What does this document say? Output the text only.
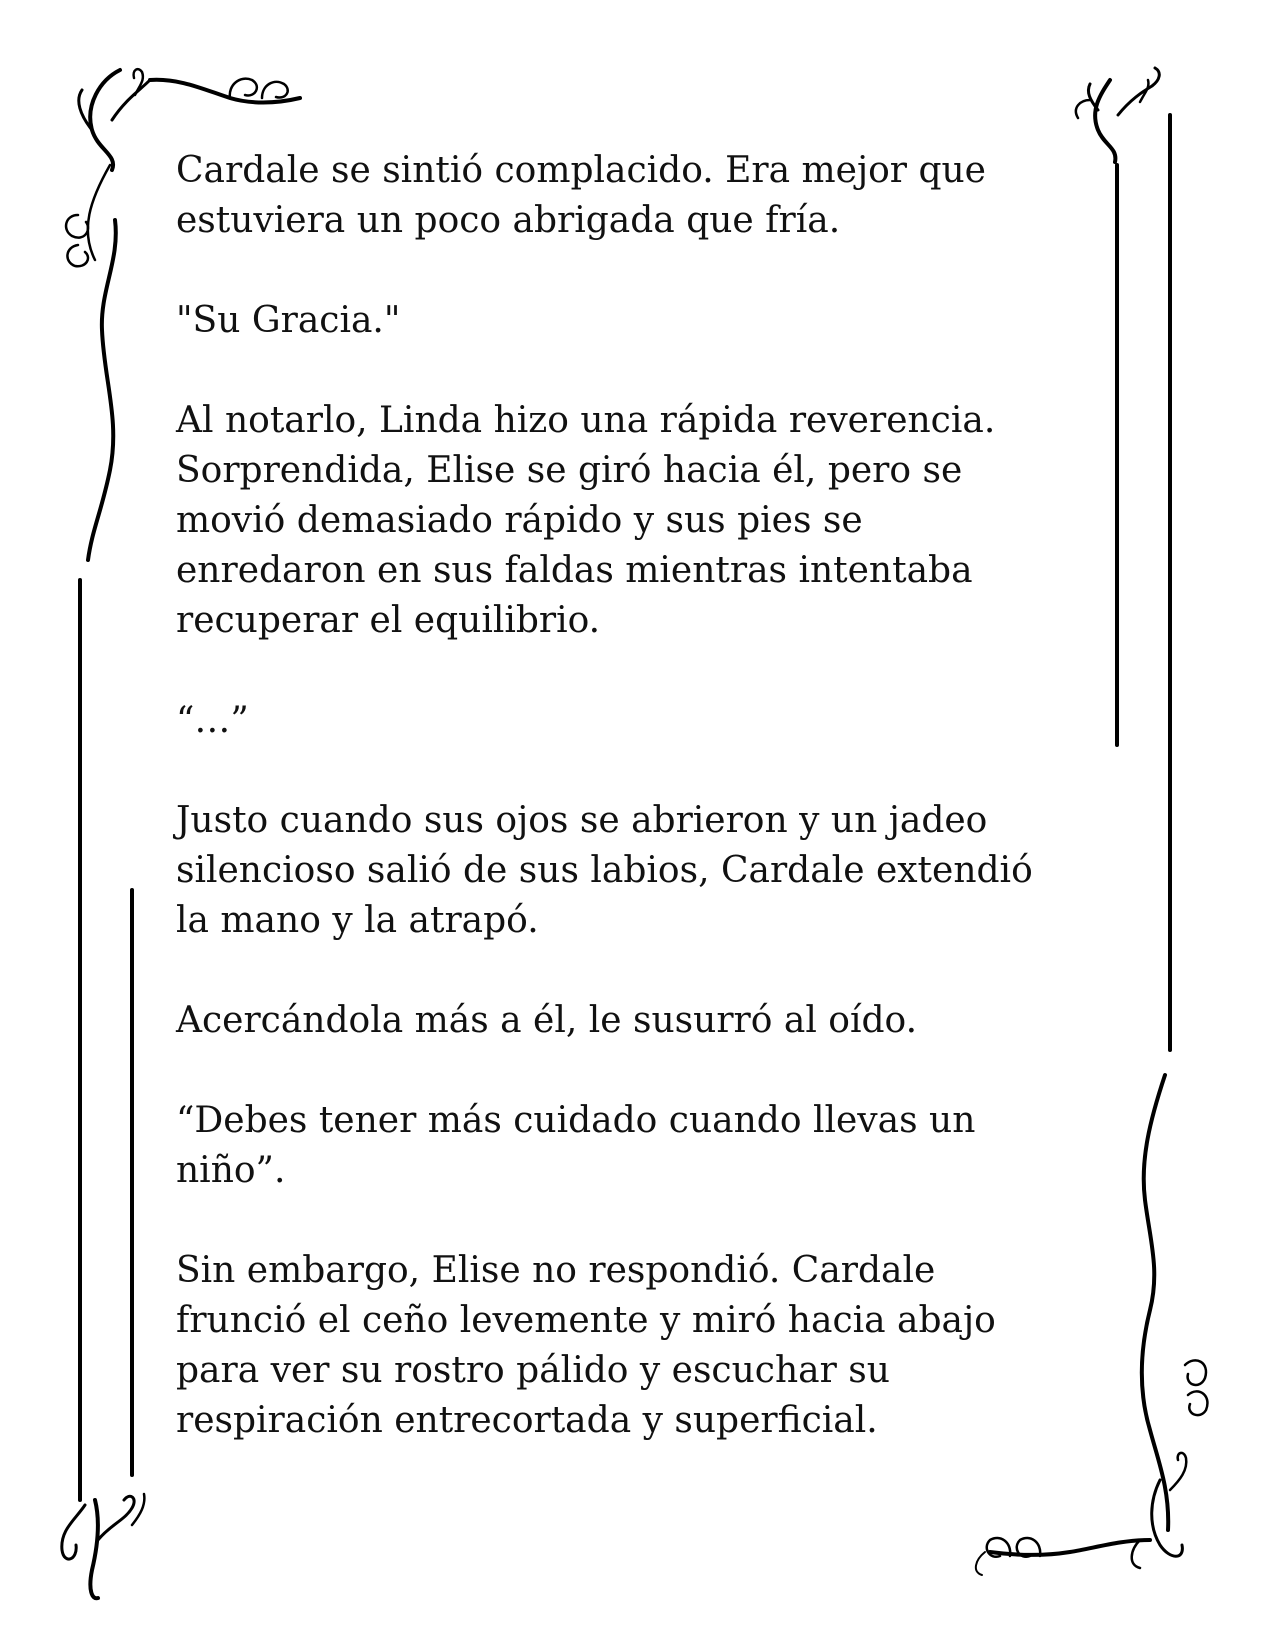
Cardale se sintió complacido. Era mejor que
estuviera un poco abrigada que fría.

"Su Gracia."

Al notarlo, Linda hizo una rápida reverencia.
Sorprendida, Elise se giró hacia él, pero se
movió demasiado rápido y sus pies se
enredaron en sus faldas mientras intentaba
recuperar el equilibrio.

“…”

Justo cuando sus ojos se abrieron y un jadeo
silencioso salió de sus labios, Cardale extendió
la mano y la atrapó.

Acercándola más a él, le susurró al oído.

“Debes tener más cuidado cuando llevas un
niño”.

Sin embargo, Elise no respondió. Cardale
frunció el ceño levemente y miró hacia abajo
para ver su rostro pálido y escuchar su
respiración entrecortada y superficial.
